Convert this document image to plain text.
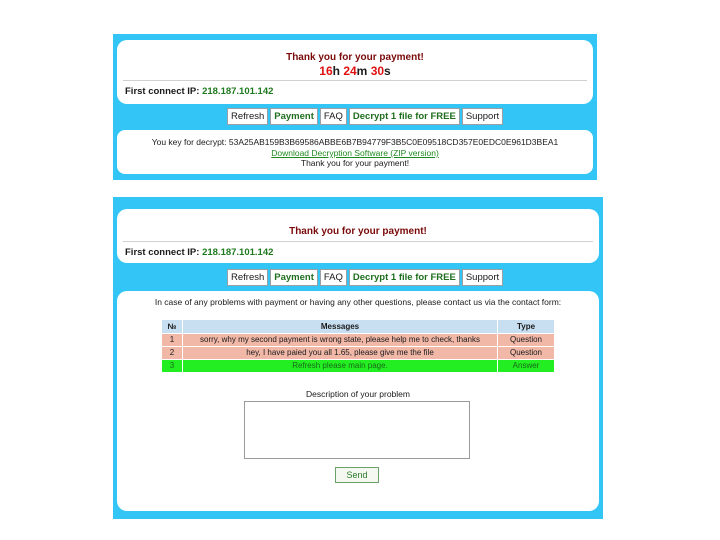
Thank you for your payment!
16h 24m 30s
First connect IP: 218.187.101.142
Refresh	Payment	FAQ	Decrypt 1 file for FREE	Support
You key for decrypt: 53A25AB159B3B69586ABBE6B7B94779F3B5C0E09518CD357E0EDC0E961D3BEA1
Download Decryption Software (ZIP version)
Thank you for your payment!
Thank you for your payment!
First connect IP: 218.187.101.142
Refresh	Payment	FAQ	Decrypt 1 file for FREE	Support
In case of any problems with payment or having any other questions, please contact us via the contact form:
№	Messages	Type
1	sorry, why my second payment is wrong state, please help me to check, thanks	Question
2	hey, I have paied you all 1.65, please give me the file	Question
3	Refresh please main page.	Answer
Description of your problem
Send
